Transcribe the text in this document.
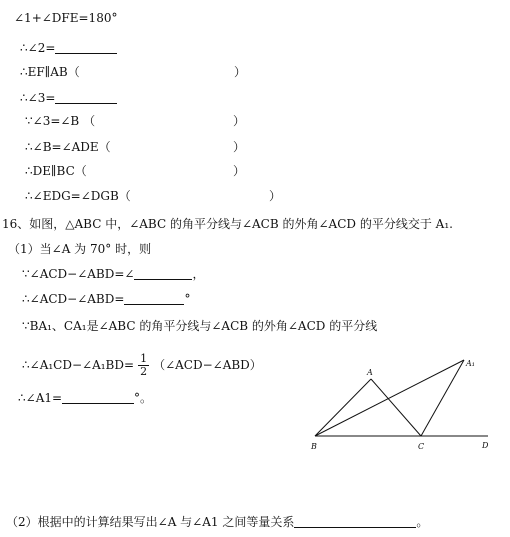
∠1+∠DFE=180°
∴∠2=
∴EF∥AB（	）
∴∠3=
∵∠3=∠B （	）
∴∠B=∠ADE（	）
∴DE∥BC（	）
∴∠EDG=∠DGB（	）
16、如图，△ABC 中，∠ABC 的角平分线与∠ACB 的外角∠ACD 的平分线交于 A₁.
（1）当∠A 为 70° 时，则
∵∠ACD−∠ABD=∠	，
∴∠ACD−∠ABD=	°
∵BA₁、CA₁是∠ABC 的角平分线与∠ACB 的外角∠ACD 的平分线
∴∠A₁CD−∠A₁BD= $\frac{1}{2}$ （∠ACD−∠ABD）
∴∠A1=	°。
A
A₁
B	C	D
（2）根据中的计算结果写出∠A 与∠A1 之间等量关系	。
